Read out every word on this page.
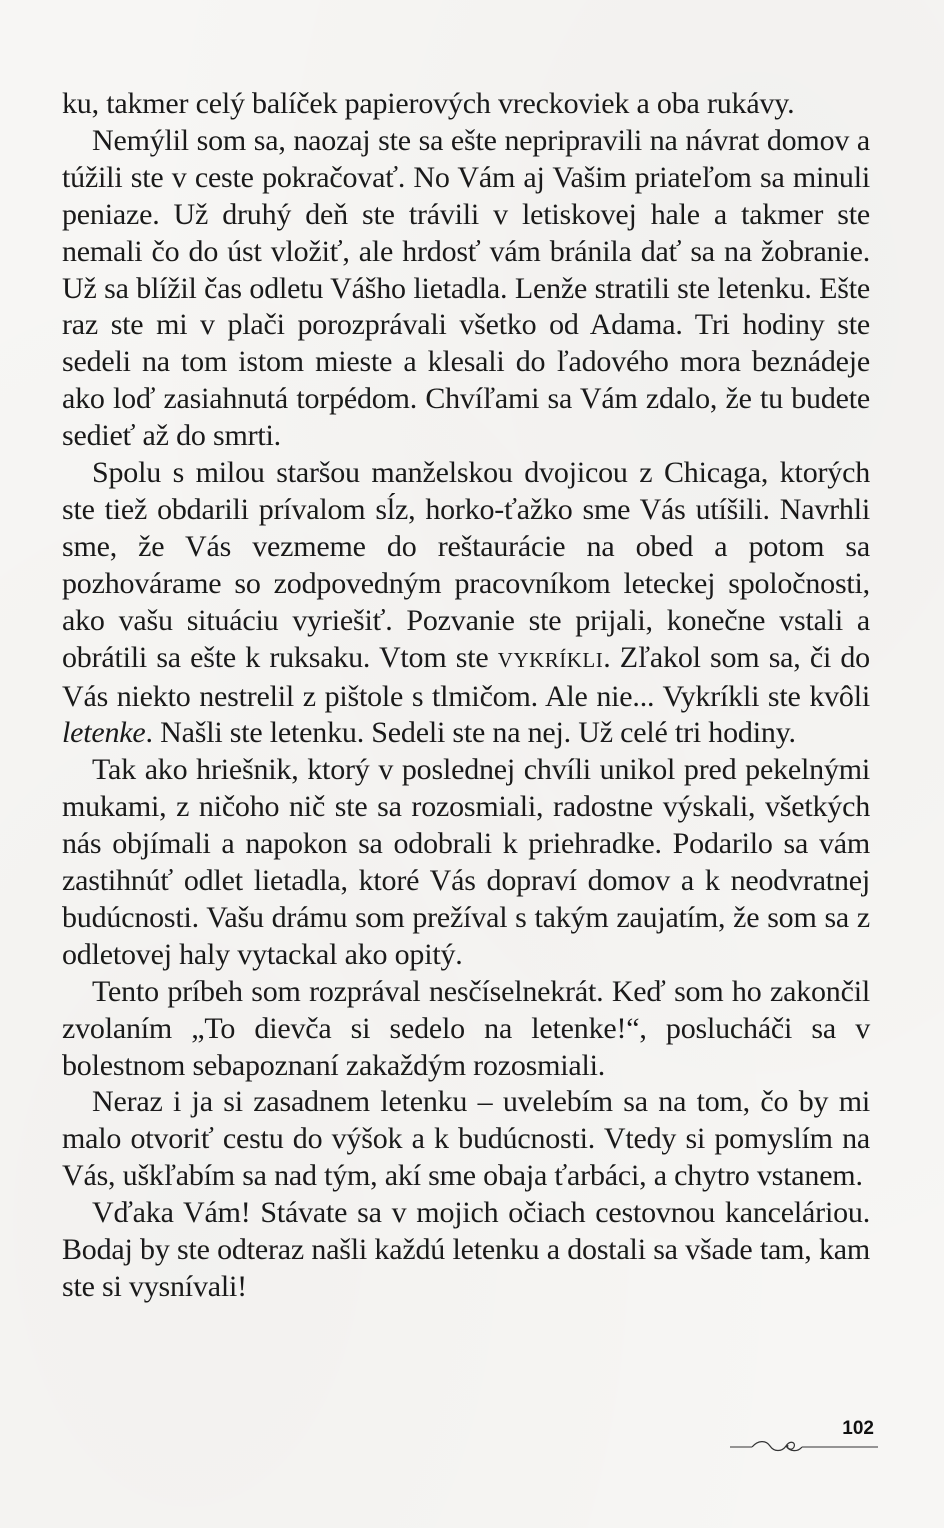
ku, takmer celý balíček papierových vreckoviek a oba rukávy.

Nemýlil som sa, naozaj ste sa ešte nepripravili na návrat domov a túžili ste v ceste pokračovať. No Vám aj Vašim priateľom sa minuli peniaze. Už druhý deň ste trávili v letiskovej hale a takmer ste nemali čo do úst vložiť, ale hrdosť vám bránila dať sa na žobranie. Už sa blížil čas odletu Vášho lietadla. Lenže stratili ste letenku. Ešte raz ste mi v plači porozprávali všetko od Adama. Tri hodiny ste sedeli na tom istom mieste a klesali do ľadového mora beznádeje ako loď zasiahnutá torpédom. Chvíľami sa Vám zdalo, že tu budete sedieť až do smrti.

Spolu s milou staršou manželskou dvojicou z Chicaga, ktorých ste tiež obdarili prívalom sĺz, horko-ťažko sme Vás utíšili. Navrhli sme, že Vás vezmeme do reštaurácie na obed a potom sa pozhovárame so zodpovedným pracovníkom leteckej spoločnosti, ako vašu situáciu vyriešiť. Pozvanie ste prijali, konečne vstali a obrátili sa ešte k ruksaku. Vtom ste VYKRÍKLI. Zľakol som sa, či do Vás niekto nestrelil z pištole s tlmičom. Ale nie... Vykríkli ste kvôli letenke. Našli ste letenku. Sedeli ste na nej. Už celé tri hodiny.

Tak ako hriešnik, ktorý v poslednej chvíli unikol pred pekelnými mukami, z ničoho nič ste sa rozosmiali, radostne výskali, všetkých nás objímali a napokon sa odobrali k priehradke. Podarilo sa vám zastihnúť odlet lietadla, ktoré Vás dopraví domov a k neodvratnej budúcnosti. Vašu drámu som prežíval s takým zaujatím, že som sa z odletovej haly vytackal ako opitý.

Tento príbeh som rozprával nesčíselnekrát. Keď som ho zakončil zvolaním „To dievča si sedelo na letenke!“, poslucháči sa v bolestnom sebapoznaní zakaždým rozosmiali.

Neraz i ja si zasadnem letenku – uvelebím sa na tom, čo by mi malo otvoriť cestu do výšok a k budúcnosti. Vtedy si pomyslím na Vás, uškľabím sa nad tým, akí sme obaja ťarbáci, a chytro vstanem.

Vďaka Vám! Stávate sa v mojich očiach cestovnou kanceláriou. Bodaj by ste odteraz našli každú letenku a dostali sa všade tam, kam ste si vysnívali!

102
